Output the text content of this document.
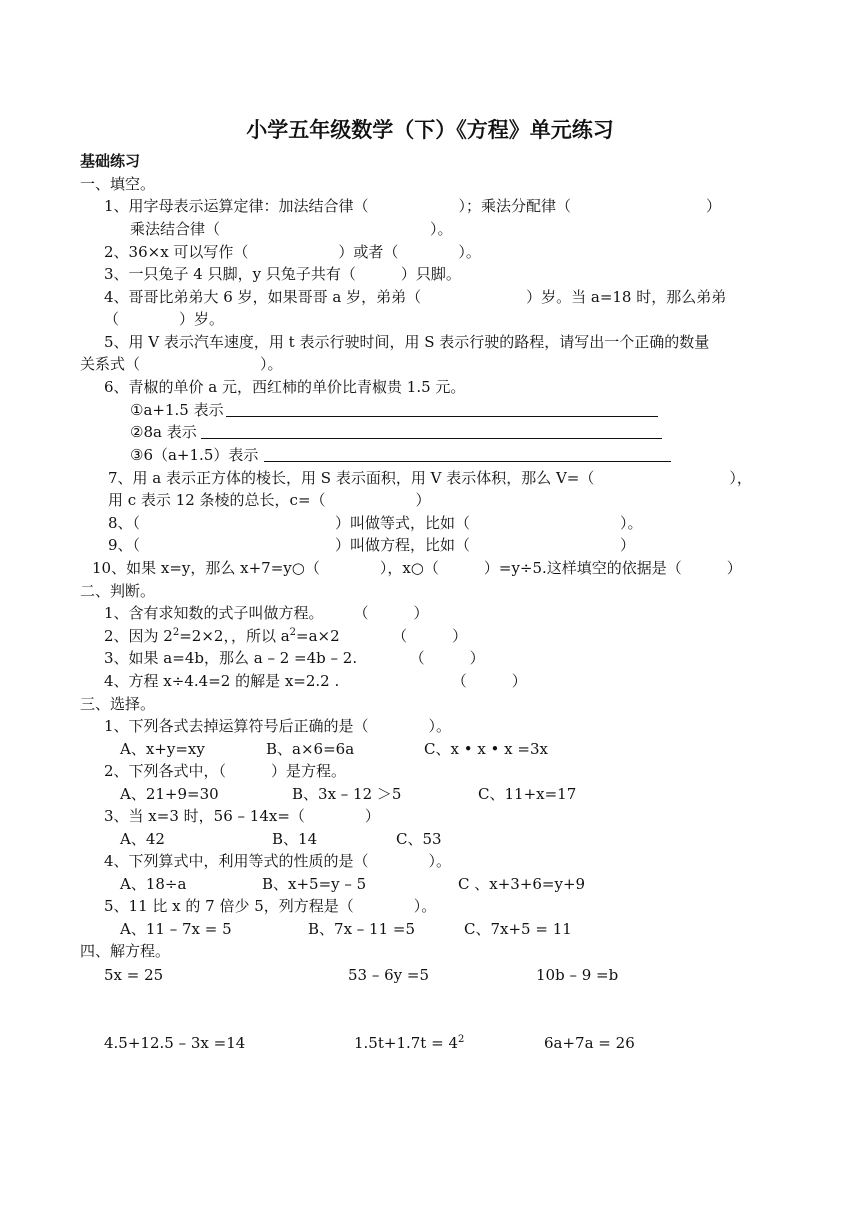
小学五年级数学（下）《方程》单元练习
基础练习
一、填空。
1、用字母表示运算定律：加法结合律（　　　　　　）；乘法分配律（　　　　　　　　　）
乘法结合律（　　　　　　　　　　　　　　）。
2、36×x 可以写作（　　　　　　）或者（　　　　）。
3、一只兔子 4 只脚，y 只兔子共有（　　　）只脚。
4、哥哥比弟弟大 6 岁，如果哥哥 a 岁，弟弟（　　　　　　　）岁。当 a=18 时，那么弟弟
（　　　　）岁。
5、用 V 表示汽车速度，用 t 表示行驶时间，用 S 表示行驶的路程，请写出一个正确的数量
关系式（　　　　　　　　）。
6、青椒的单价 a 元，西红柿的单价比青椒贵 1.5 元。
①a+1.5 表示
②8a 表示
③6（a+1.5）表示
7、用 a 表示正方体的棱长，用 S 表示面积，用 V 表示体积，那么 V=（　　　　　　　　　），
用 c 表示 12 条棱的总长，c=（　　　　　　）
8、（　　　　　　　　　　　　　）叫做等式，比如（　　　　　　　　　　）。
9、（　　　　　　　　　　　　　）叫做方程，比如（　　　　　　　　　　）
10、如果 x=y，那么 x+7=y○（　　　　），x○（　　　）=y÷5.这样填空的依据是（　　　）
二、判断。
1、含有求知数的式子叫做方程。　　　（　　　）
2、因为 $2^2=2\times 2$，，所以 $a^2=a\times 2$　　　　（　　　）
3、如果 a=4b，那么 a – 2 =4b – 2.　　　　（　　　）
4、方程 x÷4.4=2 的解是 x=2.2 .　　　　　　　　（　　　）
三、选择。
1、下列各式去掉运算符号后正确的是（　　　　）。
A、x+y=xy	B、a×6=6a	C、x • x • x =3x
2、下列各式中，（　　　）是方程。
A、21+9=30	B、3x – 12 ＞5	C、11+x=17
3、当 x=3 时，56 – 14x=（　　　　）
A、42	B、14	C、53
4、下列算式中，利用等式的性质的是（　　　　）。
A、18÷a	B、x+5=y – 5	C 、x+3+6=y+9
5、11 比 x 的 7 倍少 5，列方程是（　　　　）。
A、11 – 7x = 5	B、7x – 11 =5	C、7x+5 = 11
四、解方程。
5x = 25	53 – 6y =5	10b – 9 =b
4.5+12.5 – 3x =14	$1.5t+1.7t = 4^2$	6a+7a = 26
